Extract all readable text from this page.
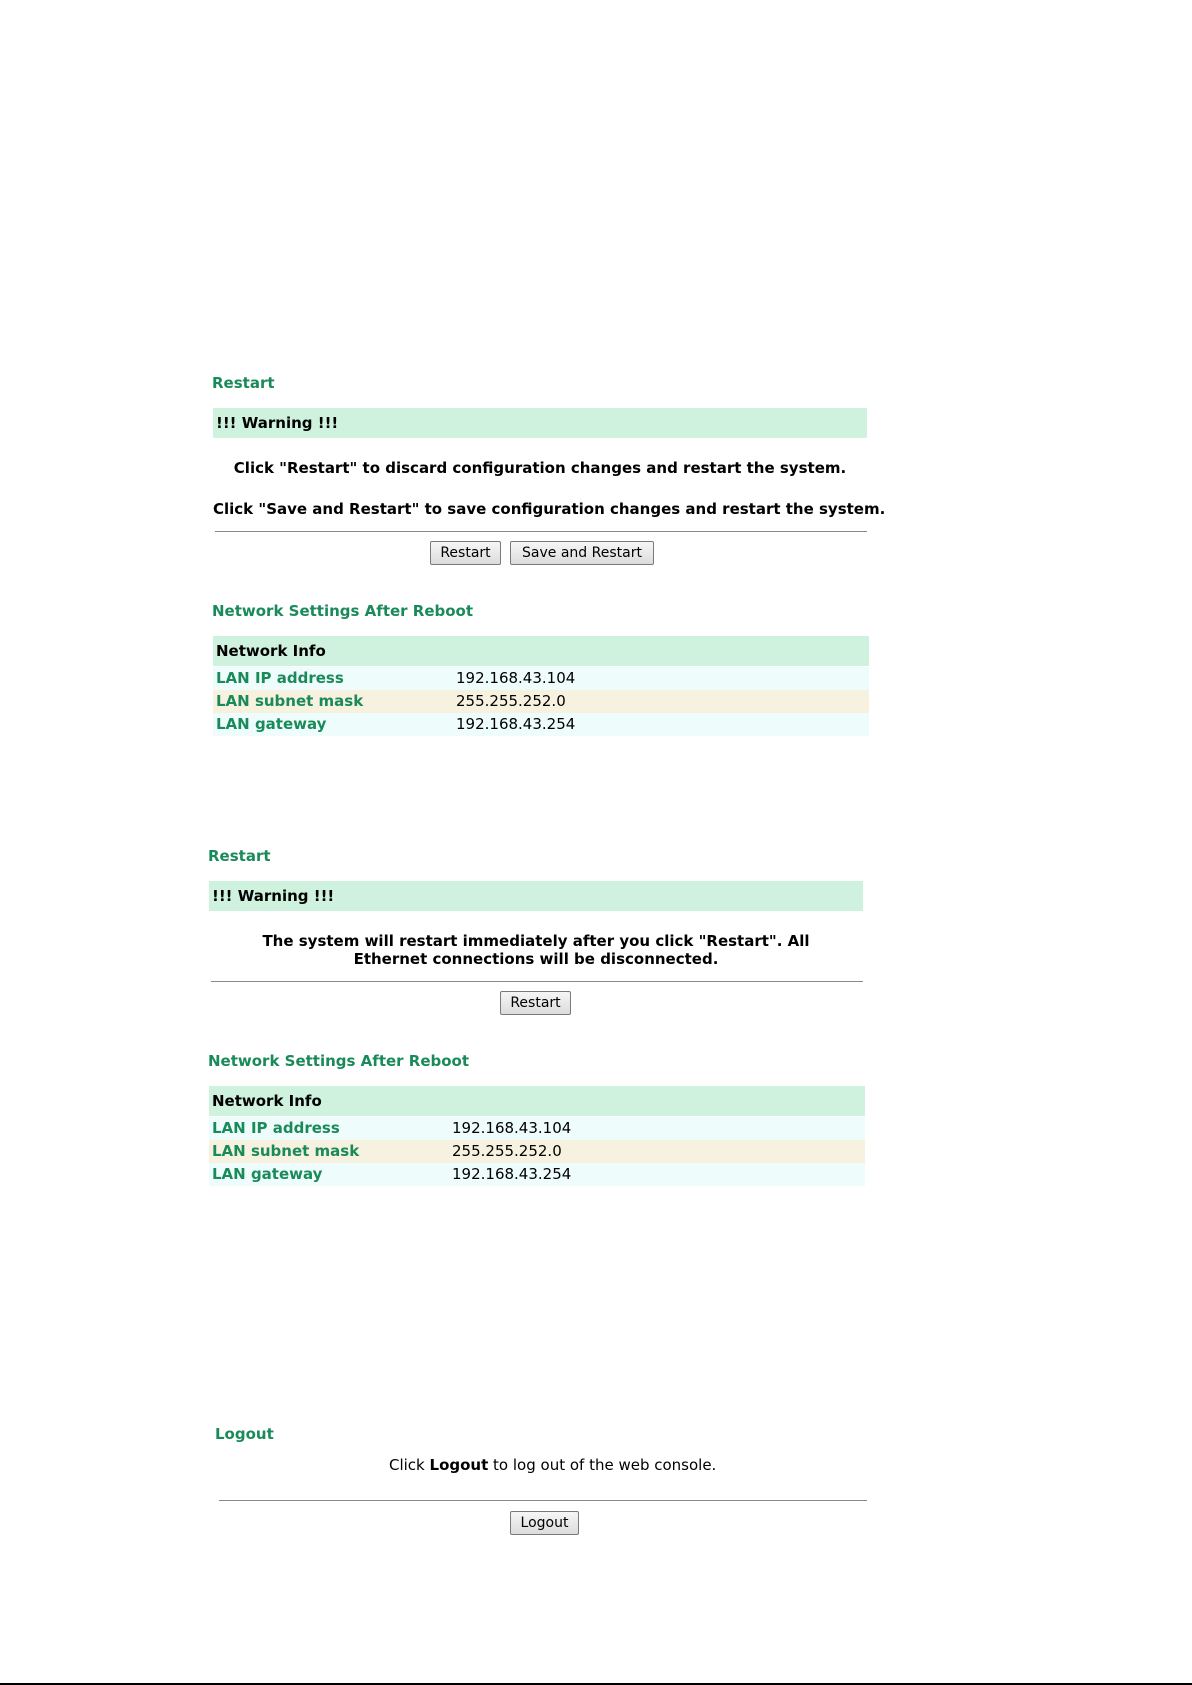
Restart
!!! Warning !!!
Click "Restart" to discard configuration changes and restart the system.
Click "Save and Restart" to save configuration changes and restart the system.
Restart	Save and Restart
Network Settings After Reboot
Network Info
LAN IP address	192.168.43.104
LAN subnet mask	255.255.252.0
LAN gateway	192.168.43.254
Restart
!!! Warning !!!
The system will restart immediately after you click "Restart". All Ethernet connections will be disconnected.
Restart
Network Settings After Reboot
Network Info
LAN IP address	192.168.43.104
LAN subnet mask	255.255.252.0
LAN gateway	192.168.43.254
Logout
Click Logout to log out of the web console.
Logout
